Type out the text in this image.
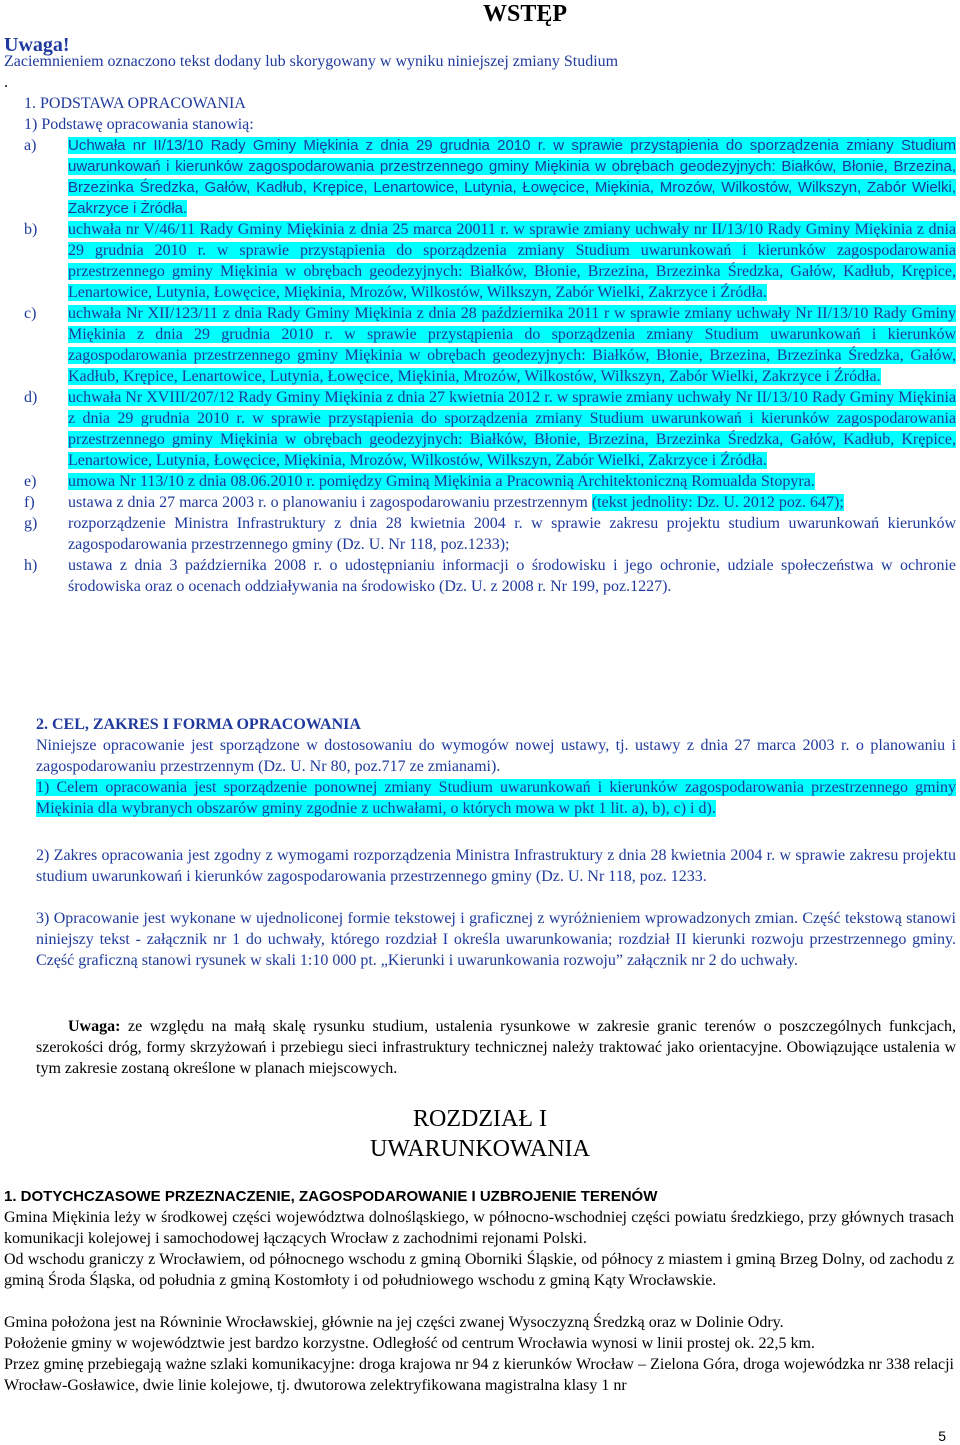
WSTĘP
Uwaga!
Zaciemnieniem oznaczono tekst dodany lub skorygowany w wyniku niniejszej zmiany Studium
.
1. PODSTAWA OPRACOWANIA
1) Podstawę opracowania stanowią:
a)	Uchwała nr II/13/10 Rady Gminy Miękinia z dnia 29 grudnia 2010 r. w sprawie przystąpienia do sporządzenia zmiany Studium uwarunkowań i kierunków zagospodarowania przestrzennego gminy Miękinia w obrębach geodezyjnych: Białków, Błonie, Brzezina, Brzezinka Średzka, Gałów, Kadłub, Krępice, Lenartowice, Lutynia, Łowęcice, Miękinia, Mrozów, Wilkostów, Wilkszyn, Zabór Wielki, Zakrzyce i Żródła.
b)	uchwała nr V/46/11 Rady Gminy Miękinia z dnia 25 marca 20011 r. w sprawie zmiany uchwały nr II/13/10 Rady Gminy Miękinia z dnia 29 grudnia 2010 r. w sprawie przystąpienia do sporządzenia zmiany Studium uwarunkowań i kierunków zagospodarowania przestrzennego gminy Miękinia w obrębach geodezyjnych: Białków, Błonie, Brzezina, Brzezinka Średzka, Gałów, Kadłub, Krępice, Lenartowice, Lutynia, Łowęcice, Miękinia, Mrozów, Wilkostów, Wilkszyn, Zabór Wielki, Zakrzyce i Źródła.
c)	uchwała Nr XII/123/11 z dnia Rady Gminy Miękinia z dnia 28 października 2011 r w sprawie zmiany uchwały Nr II/13/10 Rady Gminy Miękinia z dnia 29 grudnia 2010 r. w sprawie przystąpienia do sporządzenia zmiany Studium uwarunkowań i kierunków zagospodarowania przestrzennego gminy Miękinia w obrębach geodezyjnych: Białków, Błonie, Brzezina, Brzezinka Średzka, Gałów, Kadłub, Krępice, Lenartowice, Lutynia, Łowęcice, Miękinia, Mrozów, Wilkostów, Wilkszyn, Zabór Wielki, Zakrzyce i Źródła.
d)	uchwała Nr XVIII/207/12 Rady Gminy Miękinia z dnia 27 kwietnia 2012 r. w sprawie zmiany uchwały Nr II/13/10 Rady Gminy Miękinia z dnia 29 grudnia 2010 r. w sprawie przystąpienia do sporządzenia zmiany Studium uwarunkowań i kierunków zagospodarowania przestrzennego gminy Miękinia w obrębach geodezyjnych: Białków, Błonie, Brzezina, Brzezinka Średzka, Gałów, Kadłub, Krępice, Lenartowice, Lutynia, Łowęcice, Miękinia, Mrozów, Wilkostów, Wilkszyn, Zabór Wielki, Zakrzyce i Źródła.
e)	umowa Nr 113/10 z dnia 08.06.2010 r. pomiędzy Gminą Miękinia a Pracownią Architektoniczną Romualda Stopyra.
f)	ustawa z dnia 27 marca 2003 r. o planowaniu i zagospodarowaniu przestrzennym (tekst jednolity: Dz. U. 2012 poz. 647);
g)	rozporządzenie Ministra Infrastruktury z dnia 28 kwietnia 2004 r. w sprawie zakresu projektu studium uwarunkowań kierunków zagospodarowania przestrzennego gminy (Dz. U. Nr 118, poz.1233);
h)	ustawa z dnia 3 października 2008 r. o udostępnianiu informacji o środowisku i jego ochronie, udziale społeczeństwa w ochronie środowiska oraz o ocenach oddziaływania na środowisko (Dz. U. z 2008 r. Nr 199, poz.1227).
2. CEL, ZAKRES I FORMA OPRACOWANIA
Niniejsze opracowanie jest sporządzone w dostosowaniu do wymogów nowej ustawy, tj. ustawy z dnia 27 marca 2003 r. o planowaniu i zagospodarowaniu przestrzennym (Dz. U. Nr 80, poz.717 ze zmianami).
1) Celem opracowania jest sporządzenie ponownej zmiany Studium uwarunkowań i kierunków zagospodarowania przestrzennego gminy Miękinia dla wybranych obszarów gminy zgodnie z uchwałami, o których mowa w pkt 1 lit. a), b), c) i d).
2) Zakres opracowania jest zgodny z wymogami rozporządzenia Ministra Infrastruktury z dnia 28 kwietnia 2004 r. w sprawie zakresu projektu studium uwarunkowań i kierunków zagospodarowania przestrzennego gminy (Dz. U. Nr 118, poz. 1233.
3) Opracowanie jest wykonane w ujednoliconej formie tekstowej i graficznej z wyróżnieniem wprowadzonych zmian. Część tekstową stanowi niniejszy tekst - załącznik nr 1 do uchwały, którego rozdział I określa uwarunkowania; rozdział II kierunki rozwoju przestrzennego gminy. Część graficzną stanowi rysunek w skali 1:10 000 pt. „Kierunki i uwarunkowania rozwoju” załącznik nr 2 do uchwały.
Uwaga: ze względu na małą skalę rysunku studium, ustalenia rysunkowe w zakresie granic terenów o poszczególnych funkcjach, szerokości dróg, formy skrzyżowań i przebiegu sieci infrastruktury technicznej należy traktować jako orientacyjne. Obowiązujące ustalenia w tym zakresie zostaną określone w planach miejscowych.
ROZDZIAŁ I
UWARUNKOWANIA
1. DOTYCHCZASOWE PRZEZNACZENIE, ZAGOSPODAROWANIE I UZBROJENIE TERENÓW
Gmina Miękinia leży w środkowej części województwa dolnośląskiego, w północno-wschodniej części powiatu średzkiego, przy głównych trasach komunikacji kolejowej i samochodowej łączących Wrocław z zachodnimi rejonami Polski.
Od wschodu graniczy z Wrocławiem, od północnego wschodu z gminą Oborniki Śląskie, od północy z miastem i gminą Brzeg Dolny, od zachodu z gminą Środa Śląska, od południa z gminą Kostomłoty i od południowego wschodu z gminą Kąty Wrocławskie.
Gmina położona jest na Równinie Wrocławskiej, głównie na jej części zwanej Wysoczyzną Średzką oraz w Dolinie Odry.
Położenie gminy w województwie jest bardzo korzystne. Odległość od centrum Wrocławia wynosi w linii prostej ok. 22,5 km.
Przez gminę przebiegają ważne szlaki komunikacyjne: droga krajowa nr 94 z kierunków Wrocław – Zielona Góra, droga wojewódzka nr 338 relacji Wrocław-Gosławice, dwie linie kolejowe, tj. dwutorowa zelektryfikowana magistralna klasy 1 nr
5
